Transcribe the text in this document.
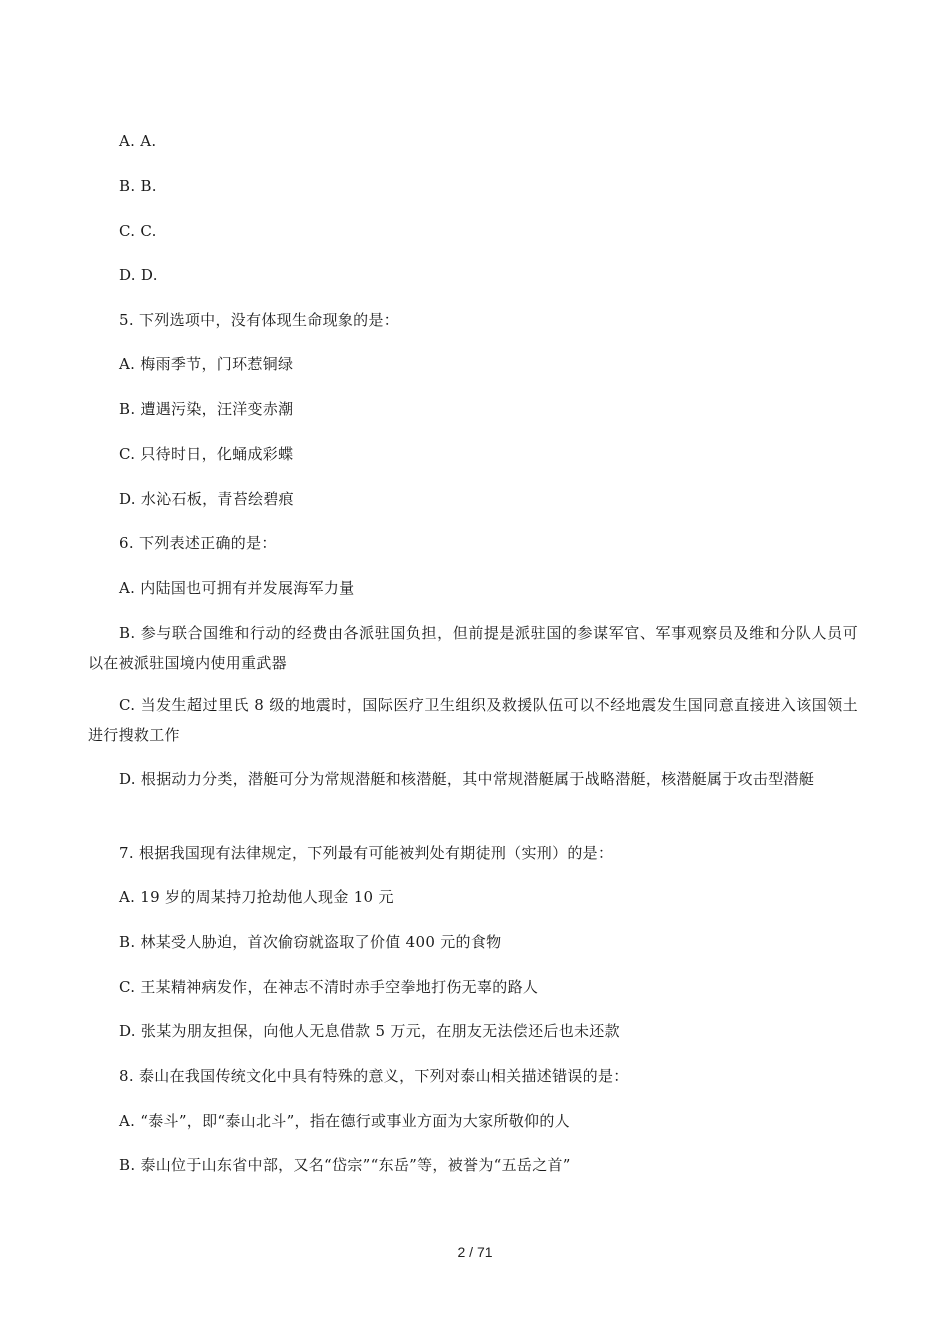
A. A.
B. B.
C. C.
D. D.
5. 下列选项中，没有体现生命现象的是：
A. 梅雨季节，门环惹铜绿
B. 遭遇污染，汪洋变赤潮
C. 只待时日，化蛹成彩蝶
D. 水沁石板，青苔绘碧痕
6. 下列表述正确的是：
A. 内陆国也可拥有并发展海军力量
B. 参与联合国维和行动的经费由各派驻国负担，但前提是派驻国的参谋军官、军事观察员及维和分队人员可以在被派驻国境内使用重武器
C. 当发生超过里氏 8 级的地震时，国际医疗卫生组织及救援队伍可以不经地震发生国同意直接进入该国领土进行搜救工作
D. 根据动力分类，潜艇可分为常规潜艇和核潜艇，其中常规潜艇属于战略潜艇，核潜艇属于攻击型潜艇
7. 根据我国现有法律规定，下列最有可能被判处有期徒刑（实刑）的是：
A. 19 岁的周某持刀抢劫他人现金 10 元
B. 林某受人胁迫，首次偷窃就盗取了价值 400 元的食物
C. 王某精神病发作，在神志不清时赤手空拳地打伤无辜的路人
D. 张某为朋友担保，向他人无息借款 5 万元，在朋友无法偿还后也未还款
8. 泰山在我国传统文化中具有特殊的意义，下列对泰山相关描述错误的是：
A. “泰斗”，即“泰山北斗”，指在德行或事业方面为大家所敬仰的人
B. 泰山位于山东省中部，又名“岱宗”“东岳”等，被誉为“五岳之首”
2 / 71
